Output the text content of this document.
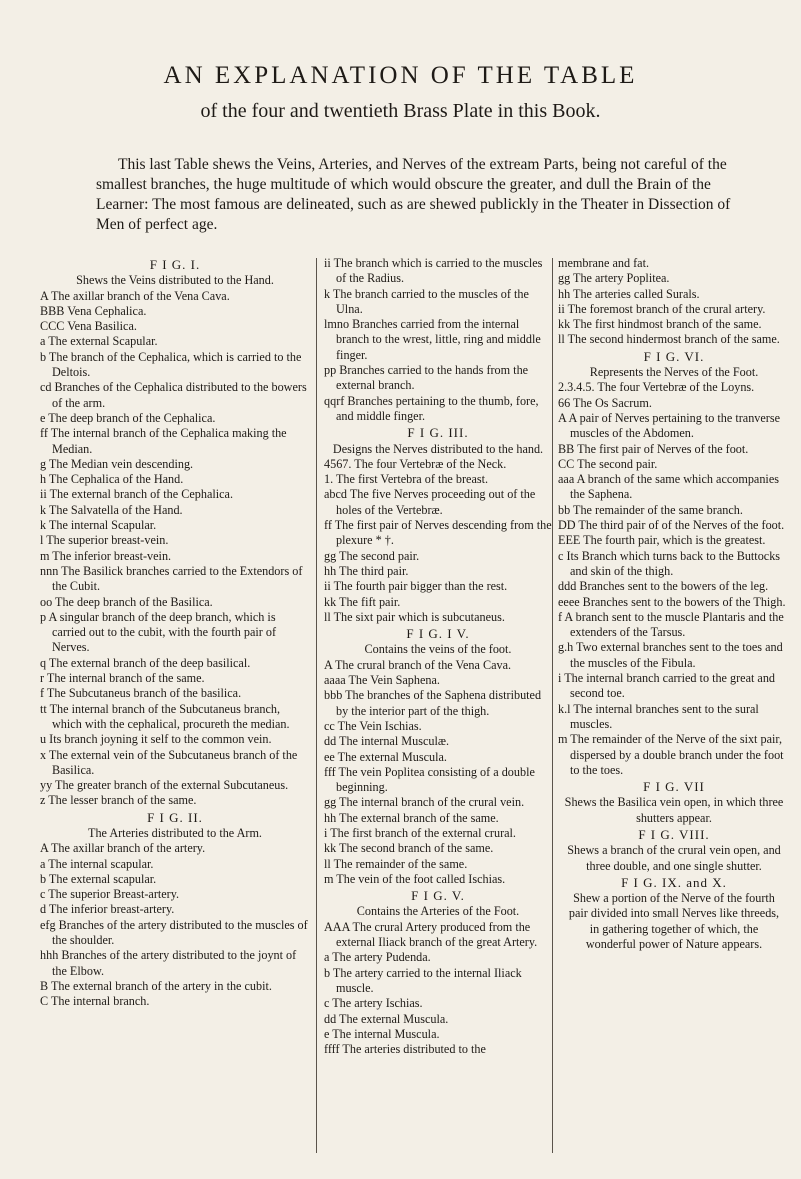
AN EXPLANATION OF THE TABLE
of the four and twentieth Brass Plate in this Book.
This last Table shews the Veins, Arteries, and Nerves of the extream Parts, being not careful of the smallest branches, the huge multitude of which would obscure the greater, and dull the Brain of the Learner: The most famous are delineated, such as are shewed publickly in the Theater in Dissection of Men of perfect age.
F I G. I.
Shews the Veins distributed to the Hand.
A The axillar branch of the Vena Cava.
BBB Vena Cephalica.
CCC Vena Basilica.
a The external Scapular.
b The branch of the Cephalica, which is carried to the Deltois.
cd Branches of the Cephalica distributed to the bowers of the arm.
e The deep branch of the Cephalica.
ff The internal branch of the Cephalica making the Median.
g The Median vein descending.
h The Cephalica of the Hand.
ii The external branch of the Cephalica.
k The Salvatella of the Hand.
k The internal Scapular.
l The superior breast-vein.
m The inferior breast-vein.
nnn The Basilick branches carried to the Extendors of the Cubit.
oo The deep branch of the Basilica.
p A singular branch of the deep branch, which is carried out to the cubit, with the fourth pair of Nerves.
q The external branch of the deep basilical.
r The internal branch of the same.
f The Subcutaneus branch of the basilica.
tt The internal branch of the Subcutaneus branch, which with the cephalical, procureth the median.
u Its branch joyning it self to the common vein.
x The external vein of the Subcutaneus branch of the Basilica.
yy The greater branch of the external Subcutaneus.
z The lesser branch of the same.
F I G. II.
The Arteries distributed to the Arm.
A The axillar branch of the artery.
a The internal scapular.
b The external scapular.
c The superior Breast-artery.
d The inferior breast-artery.
efg Branches of the artery distributed to the muscles of the shoulder.
hhh Branches of the artery distributed to the joynt of the Elbow.
B The external branch of the artery in the cubit.
C The internal branch.
ii The branch which is carried to the muscles of the Radius.
k The branch carried to the muscles of the Ulna.
lmno Branches carried from the internal branch to the wrest, little, ring and middle finger.
pp Branches carried to the hands from the external branch.
qqrf Branches pertaining to the thumb, fore, and middle finger.
F I G. III.
Designs the Nerves distributed to the hand.
4567. The four Vertebræ of the Neck.
1. The first Vertebra of the breast.
abcd The five Nerves proceeding out of the holes of the Vertebræ.
ff The first pair of Nerves descending from the plexure * †.
gg The second pair.
hh The third pair.
ii The fourth pair bigger than the rest.
kk The fift pair.
ll The sixt pair which is subcutaneus.
F I G. I V.
Contains the veins of the foot.
A The crural branch of the Vena Cava.
aaaa The Vein Saphena.
bbb The branches of the Saphena distributed by the interior part of the thigh.
cc The Vein Ischias.
dd The internal Musculæ.
ee The external Muscula.
fff The vein Poplitea consisting of a double beginning.
gg The internal branch of the crural vein.
hh The external branch of the same.
i The first branch of the external crural.
kk The second branch of the same.
ll The remainder of the same.
m The vein of the foot called Ischias.
F I G. V.
Contains the Arteries of the Foot.
AAA The crural Artery produced from the external Iliack branch of the great Artery.
a The artery Pudenda.
b The artery carried to the internal Iliack muscle.
c The artery Ischias.
dd The external Muscula.
e The internal Muscula.
ffff The arteries distributed to the
membrane and fat.
gg The artery Poplitea.
hh The arteries called Surals.
ii The foremost branch of the crural artery.
kk The first hindmost branch of the same.
ll The second hindermost branch of the same.
F I G. VI.
Represents the Nerves of the Foot.
2.3.4.5. The four Vertebræ of the Loyns.
66 The Os Sacrum.
A A pair of Nerves pertaining to the tranverse muscles of the Abdomen.
BB The first pair of Nerves of the foot.
CC The second pair.
aaa A branch of the same which accompanies the Saphena.
bb The remainder of the same branch.
DD The third pair of of the Nerves of the foot.
EEE The fourth pair, which is the greatest.
c Its Branch which turns back to the Buttocks and skin of the thigh.
ddd Branches sent to the bowers of the leg.
eeee Branches sent to the bowers of the Thigh.
f A branch sent to the muscle Plantaris and the extenders of the Tarsus.
g.h Two external branches sent to the toes and the muscles of the Fibula.
i The internal branch carried to the great and second toe.
k.l The internal branches sent to the sural muscles.
m The remainder of the Nerve of the sixt pair, dispersed by a double branch under the foot to the toes.
F I G. VII
Shews the Basilica vein open, in which three shutters appear.
F I G. VIII.
Shews a branch of the crural vein open, and three double, and one single shutter.
F I G. IX. and X.
Shew a portion of the Nerve of the fourth pair divided into small Nerves like threeds, in gathering together of which, the wonderful power of Nature appears.
